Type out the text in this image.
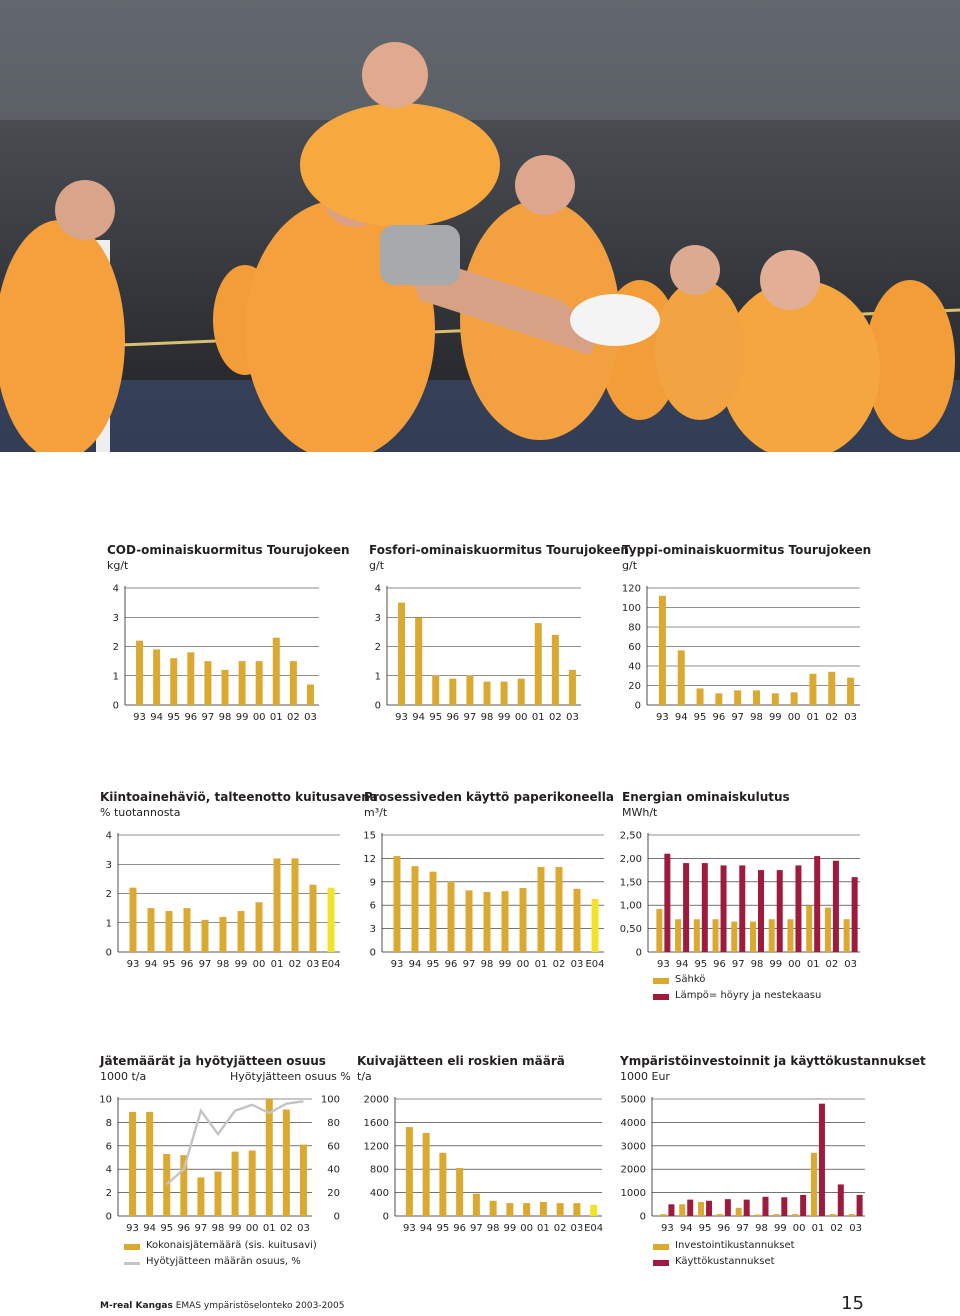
COD-ominaiskuormitus Tourujokeen
kg/t
0
1
2
3
4
93 94 95 96 97 98 99 00 01 02 03
Fosfori-ominaiskuormitus Tourujokeen
g/t
0
1
2
3
4
93 94 95 96 97 98 99 00 01 02 03
Typpi-ominaiskuormitus Tourujokeen
g/t
0
20
40
60
80
100
120
93 94 95 96 97 98 99 00 01 02 03
Kiintoainehäviö, talteenotto kuitusavena
% tuotannosta
0
1
2
3
4
93 94 95 96 97 98 99 00 01 02 03 E04
Prosessiveden käyttö paperikoneella
m³/t
0
3
6
9
12
15
93 94 95 96 97 98 99 00 01 02 03 E04
Energian ominaiskulutus
MWh/t
0
0,50
1,00
1,50
2,00
2,50
93 94 95 96 97 98 99 00 01 02 03
Sähkö
Lämpö= höyry ja nestekaasu
Jätemäärät ja hyötyjätteen osuus
1000 t/a	Hyötyjätteen osuus %
0
2
4
6
8
10
0
20
40
60
80
100
93 94 95 96 97 98 99 00 01 02 03
Kokonaisjätemäärä (sis. kuitusavi)
Hyötyjätteen määrän osuus, %
Kuivajätteen eli roskien määrä
t/a
0
400
800
1200
1600
2000
93 94 95 96 97 98 99 00 01 02 03 E04
Ympäristöinvestoinnit ja käyttökustannukset
1000 Eur
0
1000
2000
3000
4000
5000
93 94 95 96 97 98 99 00 01 02 03
Investointikustannukset
Käyttökustannukset
M-real Kangas EMAS ympäristöselonteko 2003-2005	15
